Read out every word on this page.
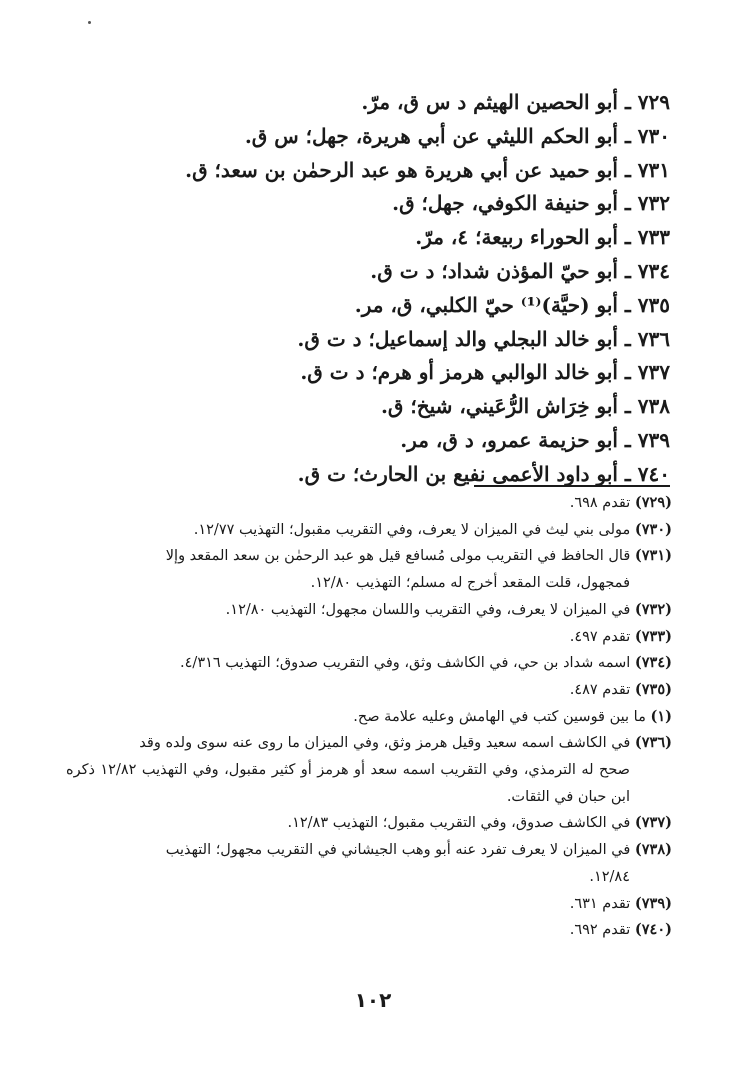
٧٢٩ ـ أبو الحصين الهيثم د س ق، مرّ.
٧٣٠ ـ أبو الحكم الليثي عن أبي هريرة، جهل؛ س ق.
٧٣١ ـ أبو حميد عن أبي هريرة هو عبد الرحمٰن بن سعد؛ ق.
٧٣٢ ـ أبو حنيفة الكوفي، جهل؛ ق.
٧٣٣ ـ أبو الحوراء ربيعة؛ ٤، مرّ.
٧٣٤ ـ أبو حيّ المؤذن شداد؛ د ت ق.
٧٣٥ ـ أبو (حيَّة)⁽¹⁾ حيّ الكلبي، ق، مر.
٧٣٦ ـ أبو خالد البجلي والد إسماعيل؛ د ت ق.
٧٣٧ ـ أبو خالد الوالبي هرمز أو هرم؛ د ت ق.
٧٣٨ ـ أبو خِرَاش الرُّعَيني، شيخ؛ ق.
٧٣٩ ـ أبو حزيمة عمرو، د ق، مر.
٧٤٠ ـ أبو داود الأعمى نفيع بن الحارث؛ ت ق.
(٧٢٩) تقدم ٦٩٨.
(٧٣٠) مولى بني ليث في الميزان لا يعرف، وفي التقريب مقبول؛ التهذيب ١٢/٧٧.
(٧٣١) قال الحافظ في التقريب مولى مُسافع قيل هو عبد الرحمٰن بن سعد المقعد وإلا
فمجهول، قلت المقعد أخرج له مسلم؛ التهذيب ١٢/٨٠.
(٧٣٢) في الميزان لا يعرف، وفي التقريب واللسان مجهول؛ التهذيب ١٢/٨٠.
(٧٣٣) تقدم ٤٩٧.
(٧٣٤) اسمه شداد بن حي، في الكاشف وثق، وفي التقريب صدوق؛ التهذيب ٤/٣١٦.
(٧٣٥) تقدم ٤٨٧.
(١) ما بين قوسين كتب في الهامش وعليه علامة صح.
(٧٣٦) في الكاشف اسمه سعيد وقيل هرمز وثق، وفي الميزان ما روى عنه سوى ولده وقد
صحح له الترمذي، وفي التقريب اسمه سعد أو هرمز أو كثير مقبول، وفي التهذيب ١٢/٨٢ ذكره ابن حبان في الثقات.
(٧٣٧) في الكاشف صدوق، وفي التقريب مقبول؛ التهذيب ١٢/٨٣.
(٧٣٨) في الميزان لا يعرف تفرد عنه أبو وهب الجيشاني في التقريب مجهول؛ التهذيب
١٢/٨٤.
(٧٣٩) تقدم ٦٣١.
(٧٤٠) تقدم ٦٩٢.
١٠٢
